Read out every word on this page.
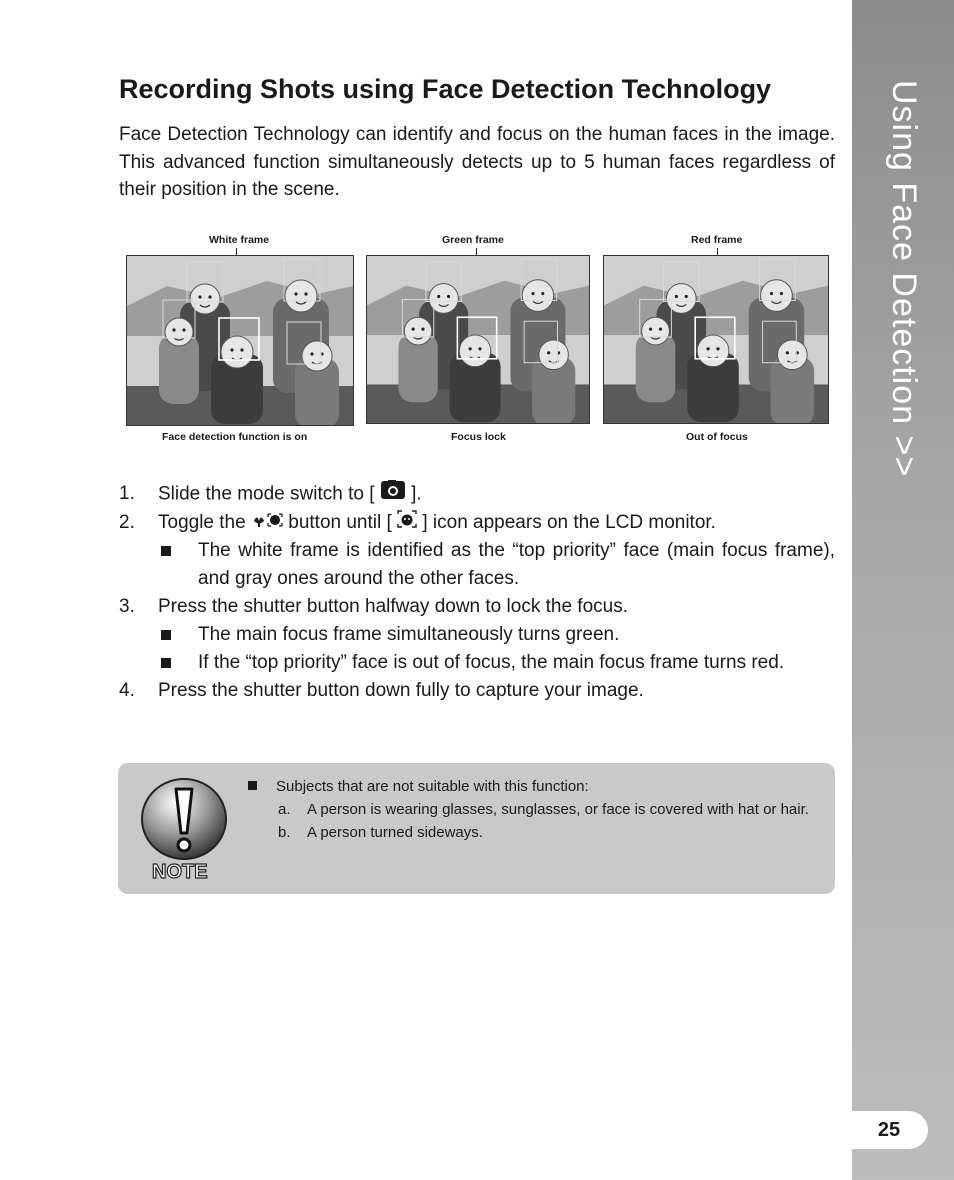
Using Face Detection >>
25
Recording Shots using Face Detection Technology

Face Detection Technology can identify and focus on the human faces in the image. This advanced function simultaneously detects up to 5 human faces regardless of their position in the scene.

White frame
Face detection function is on
Green frame
Focus lock
Red frame
Out of focus
1. Slide the mode switch to [ ].
2. Toggle the button until [ ] icon appears on the LCD monitor.
The white frame is identified as the “top priority” face (main focus frame), and gray ones around the other faces.
3. Press the shutter button halfway down to lock the focus.
The main focus frame simultaneously turns green.
If the “top priority” face is out of focus, the main focus frame turns red.
4. Press the shutter button down fully to capture your image.
NOTE
Subjects that are not suitable with this function:
a. A person is wearing glasses, sunglasses, or face is covered with hat or hair.
b. A person turned sideways.
